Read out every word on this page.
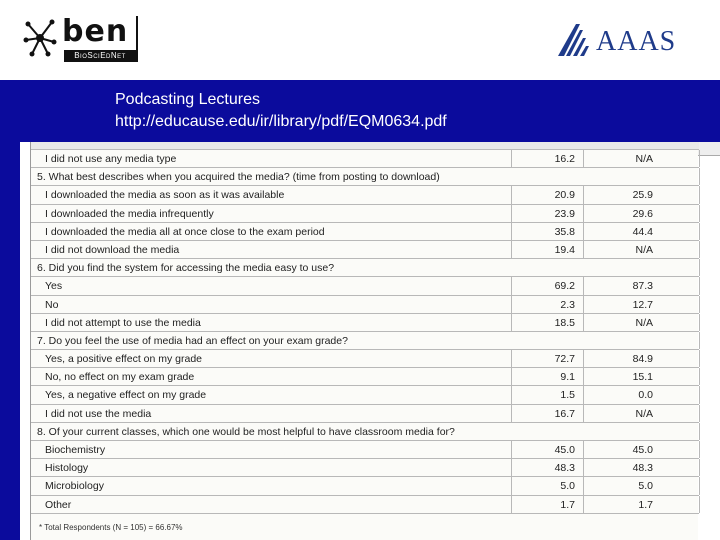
ben
BioSciEdNet	AAAS
Podcasting Lectures
http://educause.edu/ir/library/pdf/EQM0634.pdf
I did not use any media type	16.2	N/A
5. What best describes when you acquired the media? (time from posting to download)
I downloaded the media as soon as it was available	20.9	25.9
I downloaded the media infrequently	23.9	29.6
I downloaded the media all at once close to the exam period	35.8	44.4
I did not download the media	19.4	N/A
6. Did you find the system for accessing the media easy to use?
Yes	69.2	87.3
No	2.3	12.7
I did not attempt to use the media	18.5	N/A
7. Do you feel the use of media had an effect on your exam grade?
Yes, a positive effect on my grade	72.7	84.9
No, no effect on my exam grade	9.1	15.1
Yes, a negative effect on my grade	1.5	0.0
I did not use the media	16.7	N/A
8. Of your current classes, which one would be most helpful to have classroom media for?
Biochemistry	45.0	45.0
Histology	48.3	48.3
Microbiology	5.0	5.0
Other	1.7	1.7
* Total Respondents (N = 105) = 66.67%
